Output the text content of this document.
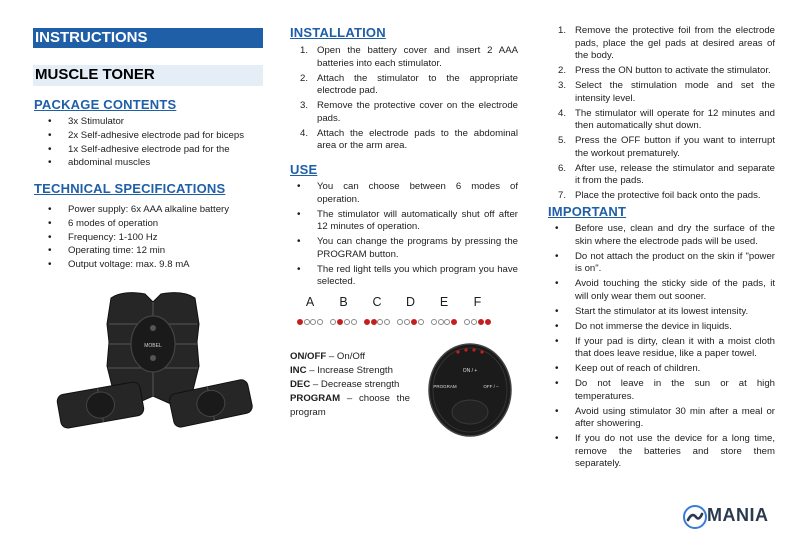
INSTRUCTIONS
MUSCLE TONER
PACKAGE CONTENTS
• 3x Stimulator
• 2x Self-adhesive electrode pad for biceps
• 1x Self-adhesive electrode pad for the
• abdominal muscles
TECHNICAL SPECIFICATIONS
• Power supply: 6x AAA alkaline battery
• 6 modes of operation
• Frequency: 1-100 Hz
• Operating time: 12 min
• Output voltage: max. 9.8 mA
MOBEL
INSTALLATION
1. Open the battery cover and insert 2 AAA batteries into each stimulator.
2. Attach the stimulator to the appropriate electrode pad.
3. Remove the protective cover on the electrode pads.
4. Attach the electrode pads to the abdominal area or the arm area.
USE
• You can choose between 6 modes of operation.
• The stimulator will automatically shut off after 12 minutes of operation.
• You can change the programs by pressing the PROGRAM button.
• The red light tells you which program you have selected.
A	B	C	D	E	F
ON/OFF – On/Off
INC – Increase Strength
DEC – Decrease strength
PROGRAM – choose the program
ON / +
PROGRAM	OFF / –
1. Remove the protective foil from the electrode pads, place the gel pads at desired areas of the body.
2. Press the ON button to activate the stimulator.
3. Select the stimulation mode and set the intensity level.
4. The stimulator will operate for 12 minutes and then automatically shut down.
5. Press the OFF button if you want to interrupt the workout prematurely.
6. After use, release the stimulator and separate it from the pads.
7. Place the protective foil back onto the pads.
IMPORTANT
• Before use, clean and dry the surface of the skin where the electrode pads will be used.
• Do not attach the product on the skin if "power is on".
• Avoid touching the sticky side of the pads, it will only wear them out sooner.
• Start the stimulator at its lowest intensity.
• Do not immerse the device in liquids.
• If your pad is dirty, clean it with a moist cloth that does leave residue, like a paper towel.
• Keep out of reach of children.
• Do not leave in the sun or at high temperatures.
• Avoid using stimulator 30 min after a meal or after showering.
• If you do not use the device for a long time, remove the batteries and store them separately.
MANIA
